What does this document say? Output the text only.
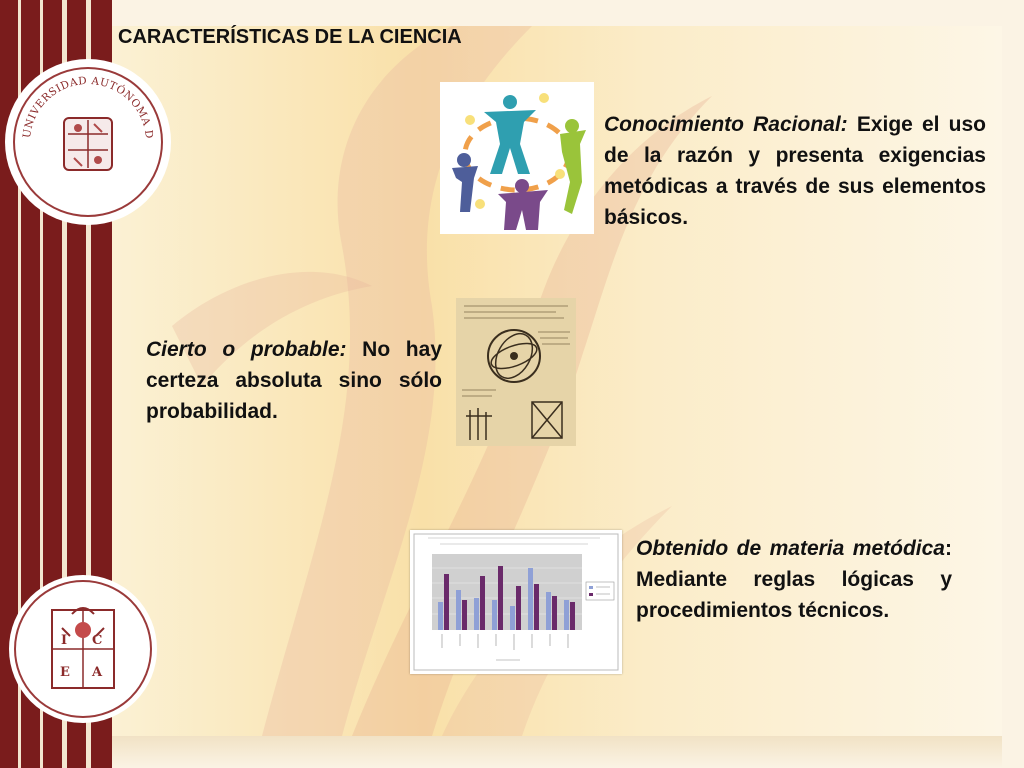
UNIVERSIDAD AUTÓNOMA D
I C
E A
CARACTERÍSTICAS DE LA CIENCIA
Conocimiento Racional: Exige el uso de la razón y presenta exigencias metódicas a través de sus elementos básicos.
Cierto o probable: No hay certeza absoluta sino sólo probabilidad.
Obtenido de materia metódica: Mediante reglas lógicas y procedimientos técnicos.
